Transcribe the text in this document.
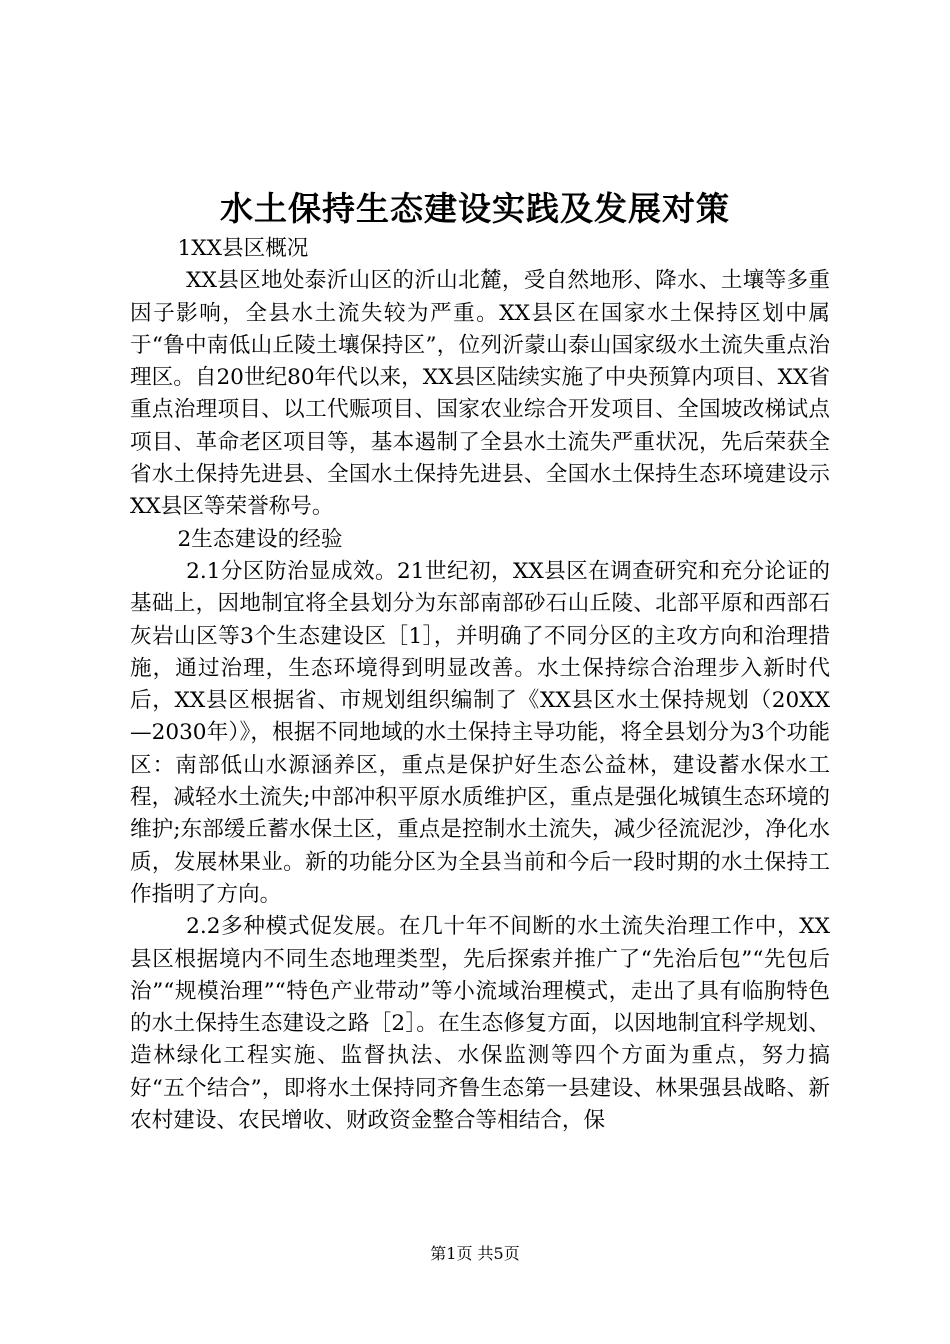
水土保持生态建设实践及发展对策

1XX县区概况

XX县区地处泰沂山区的沂山北麓，受自然地形、降水、土壤等多重因子影响，全县水土流失较为严重。XX县区在国家水土保持区划中属于“鲁中南低山丘陵土壤保持区”，位列沂蒙山泰山国家级水土流失重点治理区。自20世纪80年代以来，XX县区陆续实施了中央预算内项目、XX省重点治理项目、以工代赈项目、国家农业综合开发项目、全国坡改梯试点项目、革命老区项目等，基本遏制了全县水土流失严重状况，先后荣获全省水土保持先进县、全国水土保持先进县、全国水土保持生态环境建设示XX县区等荣誉称号。

2生态建设的经验

2.1分区防治显成效。21世纪初，XX县区在调查研究和充分论证的基础上，因地制宜将全县划分为东部南部砂石山丘陵、北部平原和西部石灰岩山区等3个生态建设区［1］，并明确了不同分区的主攻方向和治理措施，通过治理，生态环境得到明显改善。水土保持综合治理步入新时代后，XX县区根据省、市规划组织编制了《XX县区水土保持规划（20XX—2030年）》，根据不同地域的水土保持主导功能，将全县划分为3个功能区：南部低山水源涵养区，重点是保护好生态公益林，建设蓄水保水工程，减轻水土流失;中部冲积平原水质维护区，重点是强化城镇生态环境的维护;东部缓丘蓄水保土区，重点是控制水土流失，减少径流泥沙，净化水质，发展林果业。新的功能分区为全县当前和今后一段时期的水土保持工作指明了方向。

2.2多种模式促发展。在几十年不间断的水土流失治理工作中，XX县区根据境内不同生态地理类型，先后探索并推广了“先治后包”“先包后治”“规模治理”“特色产业带动”等小流域治理模式，走出了具有临朐特色的水土保持生态建设之路［2］。在生态修复方面，以因地制宜科学规划、造林绿化工程实施、监督执法、水保监测等四个方面为重点，努力搞好“五个结合”，即将水土保持同齐鲁生态第一县建设、林果强县战略、新农村建设、农民增收、财政资金整合等相结合，保

第1页 共5页
